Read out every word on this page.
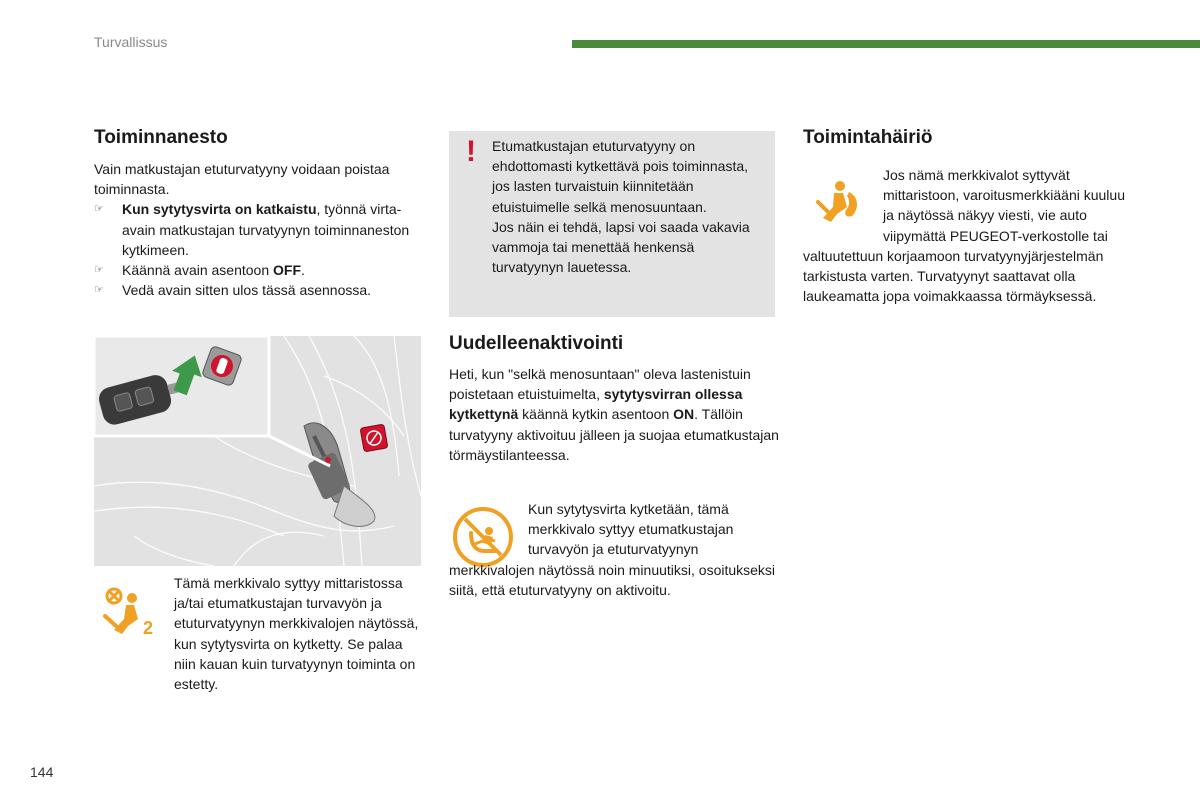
Turvallissus
Toiminnanesto

Vain matkustajan etuturvatyyny voidaan poistaa toiminnasta.

☞ Kun sytytysvirta on katkaistu, työnnä virta-avain matkustajan turvatyynyn toiminnaneston kytkimeen.
☞ Käännä avain asentoon OFF.
☞ Vedä avain sitten ulos tässä asennossa.
2

Tämä merkkivalo syttyy mittaristossa ja/tai etumatkustajan turvavyön ja etuturvatyynyn merkkivalojen näytössä, kun sytytysvirta on kytketty. Se palaa niin kauan kuin turvatyynyn toiminta on estetty.

! Etumatkustajan etuturvatyyny on ehdottomasti kytkettävä pois toiminnasta, jos lasten turvaistuin kiinnitetään etuistuimelle selkä menosuuntaan.

Jos näin ei tehdä, lapsi voi saada vakavia vammoja tai menettää henkensä turvatyynyn lauetessa.

Uudelleenaktivointi

Heti, kun "selkä menosuntaan" oleva lastenistuin poistetaan etuistuimelta, sytytysvirran ollessa kytkettynä käännä kytkin asentoon ON. Tällöin turvatyyny aktivoituu jälleen ja suojaa etumatkustajan törmäystilanteessa.

Kun sytytysvirta kytketään, tämä merkkivalo syttyy etumatkustajan turvavyön ja etuturvatyynyn merkkivalojen näytössä noin minuutiksi, osoitukseksi siitä, että etuturvatyyny on aktivoitu.

Toimintahäiriö

Jos nämä merkkivalot syttyvät mittaristoon, varoitusmerkkiääni kuuluu ja näytössä näkyy viesti, vie auto viipymättä PEUGEOT-verkostolle tai valtuutettuun korjaamoon turvatyynyjärjestelmän tarkistusta varten. Turvatyynyt saattavat olla laukeamatta jopa voimakkaassa törmäyksessä.

144
